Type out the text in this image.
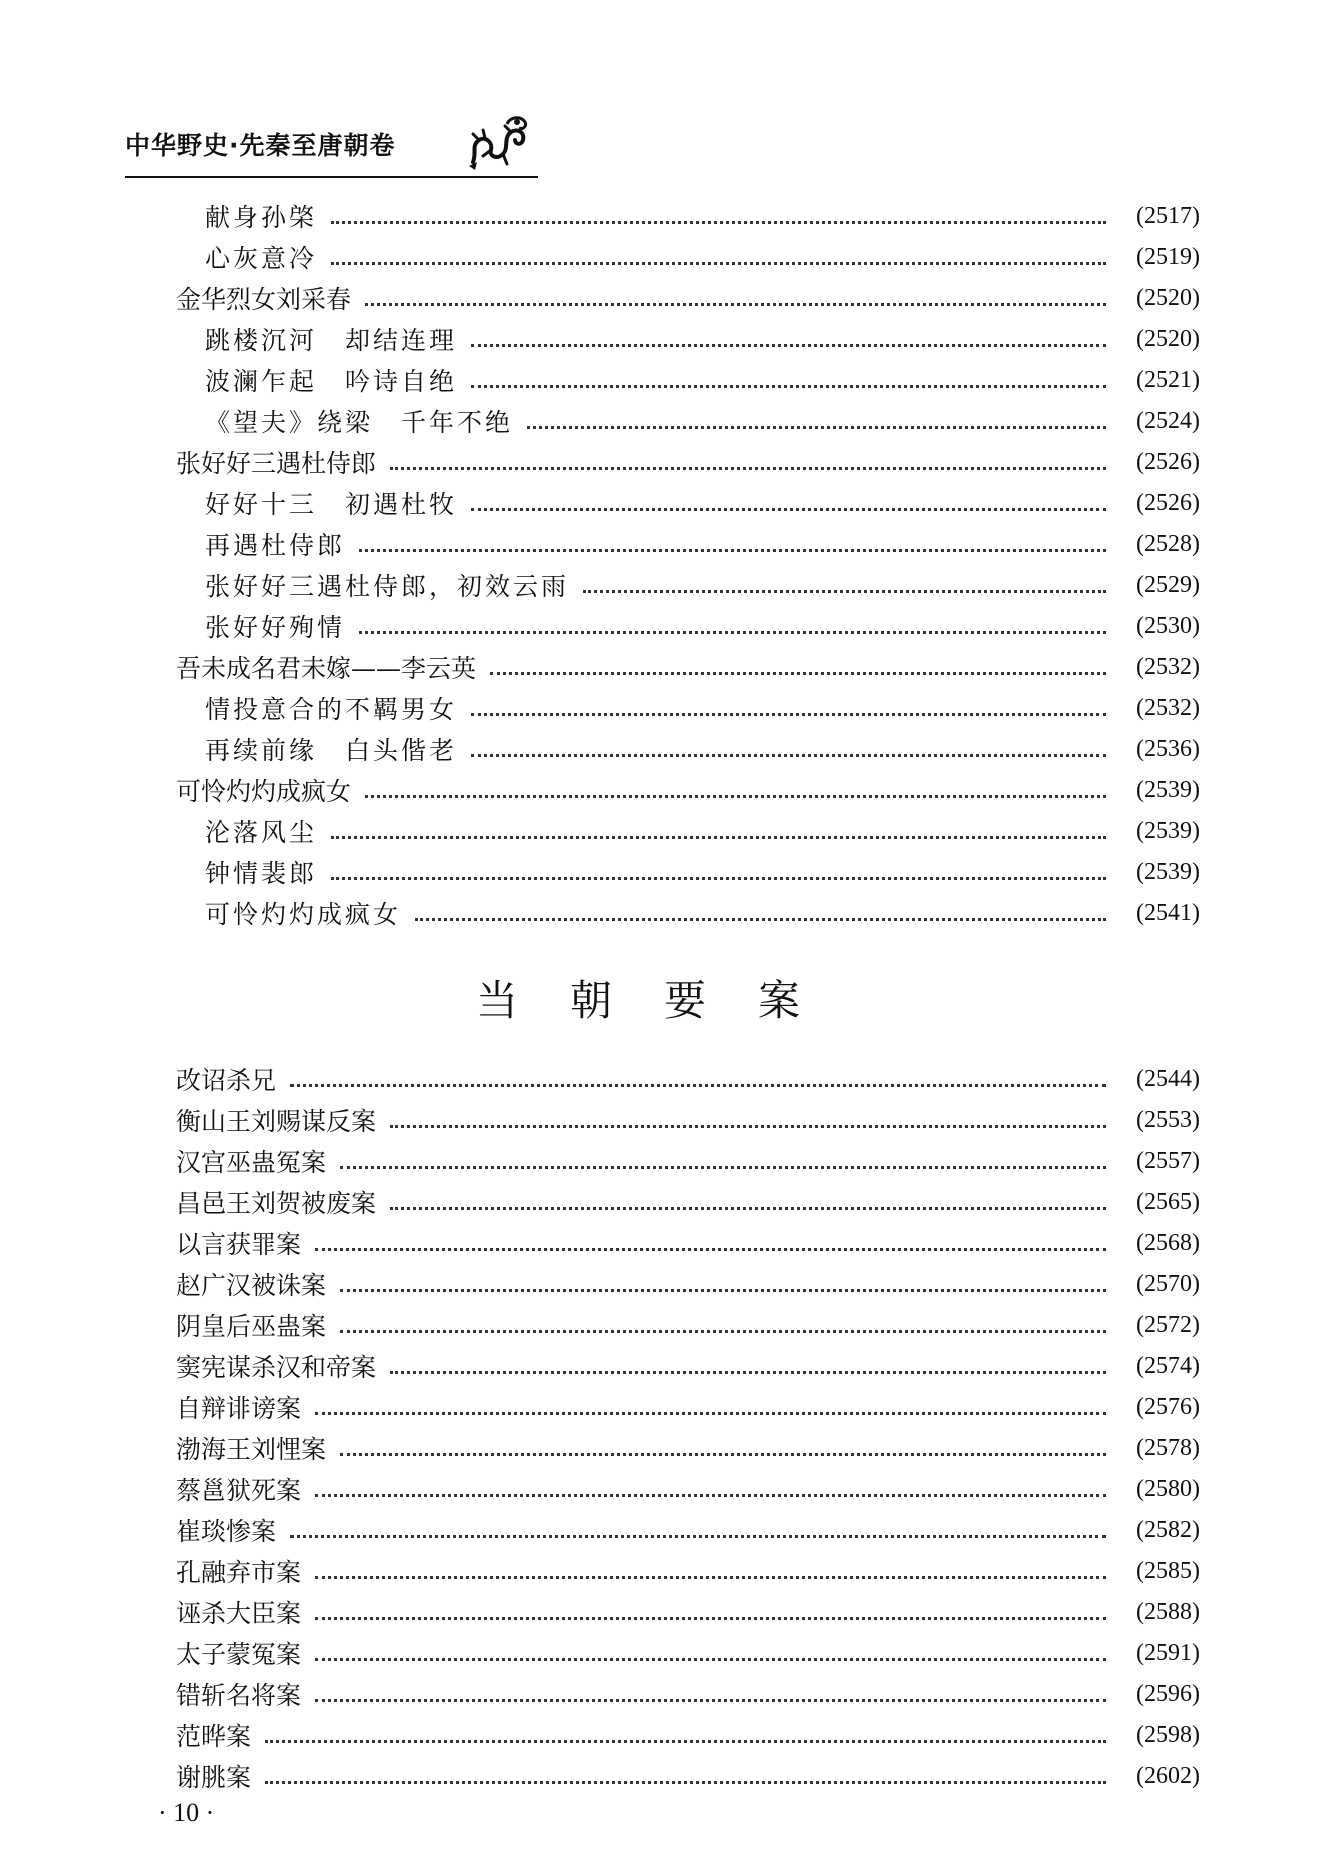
中华野史·先秦至唐朝卷
献身孙棨	(2517)
心灰意冷	(2519)
金华烈女刘采春	(2520)
跳楼沉河　却结连理	(2520)
波澜乍起　吟诗自绝	(2521)
《望夫》绕梁　千年不绝	(2524)
张好好三遇杜侍郎	(2526)
好好十三　初遇杜牧	(2526)
再遇杜侍郎	(2528)
张好好三遇杜侍郎，初效云雨	(2529)
张好好殉情	(2530)
吾未成名君未嫁——李云英	(2532)
情投意合的不羁男女	(2532)
再续前缘　白头偕老	(2536)
可怜灼灼成疯女	(2539)
沦落风尘	(2539)
钟情裴郎	(2539)
可怜灼灼成疯女	(2541)
当朝要案
改诏杀兄	(2544)
衡山王刘赐谋反案	(2553)
汉宫巫蛊冤案	(2557)
昌邑王刘贺被废案	(2565)
以言获罪案	(2568)
赵广汉被诛案	(2570)
阴皇后巫蛊案	(2572)
窦宪谋杀汉和帝案	(2574)
自辩诽谤案	(2576)
渤海王刘悝案	(2578)
蔡邕狱死案	(2580)
崔琰惨案	(2582)
孔融弃市案	(2585)
诬杀大臣案	(2588)
太子蒙冤案	(2591)
错斩名将案	(2596)
范晔案	(2598)
谢朓案	(2602)
· 10 ·
